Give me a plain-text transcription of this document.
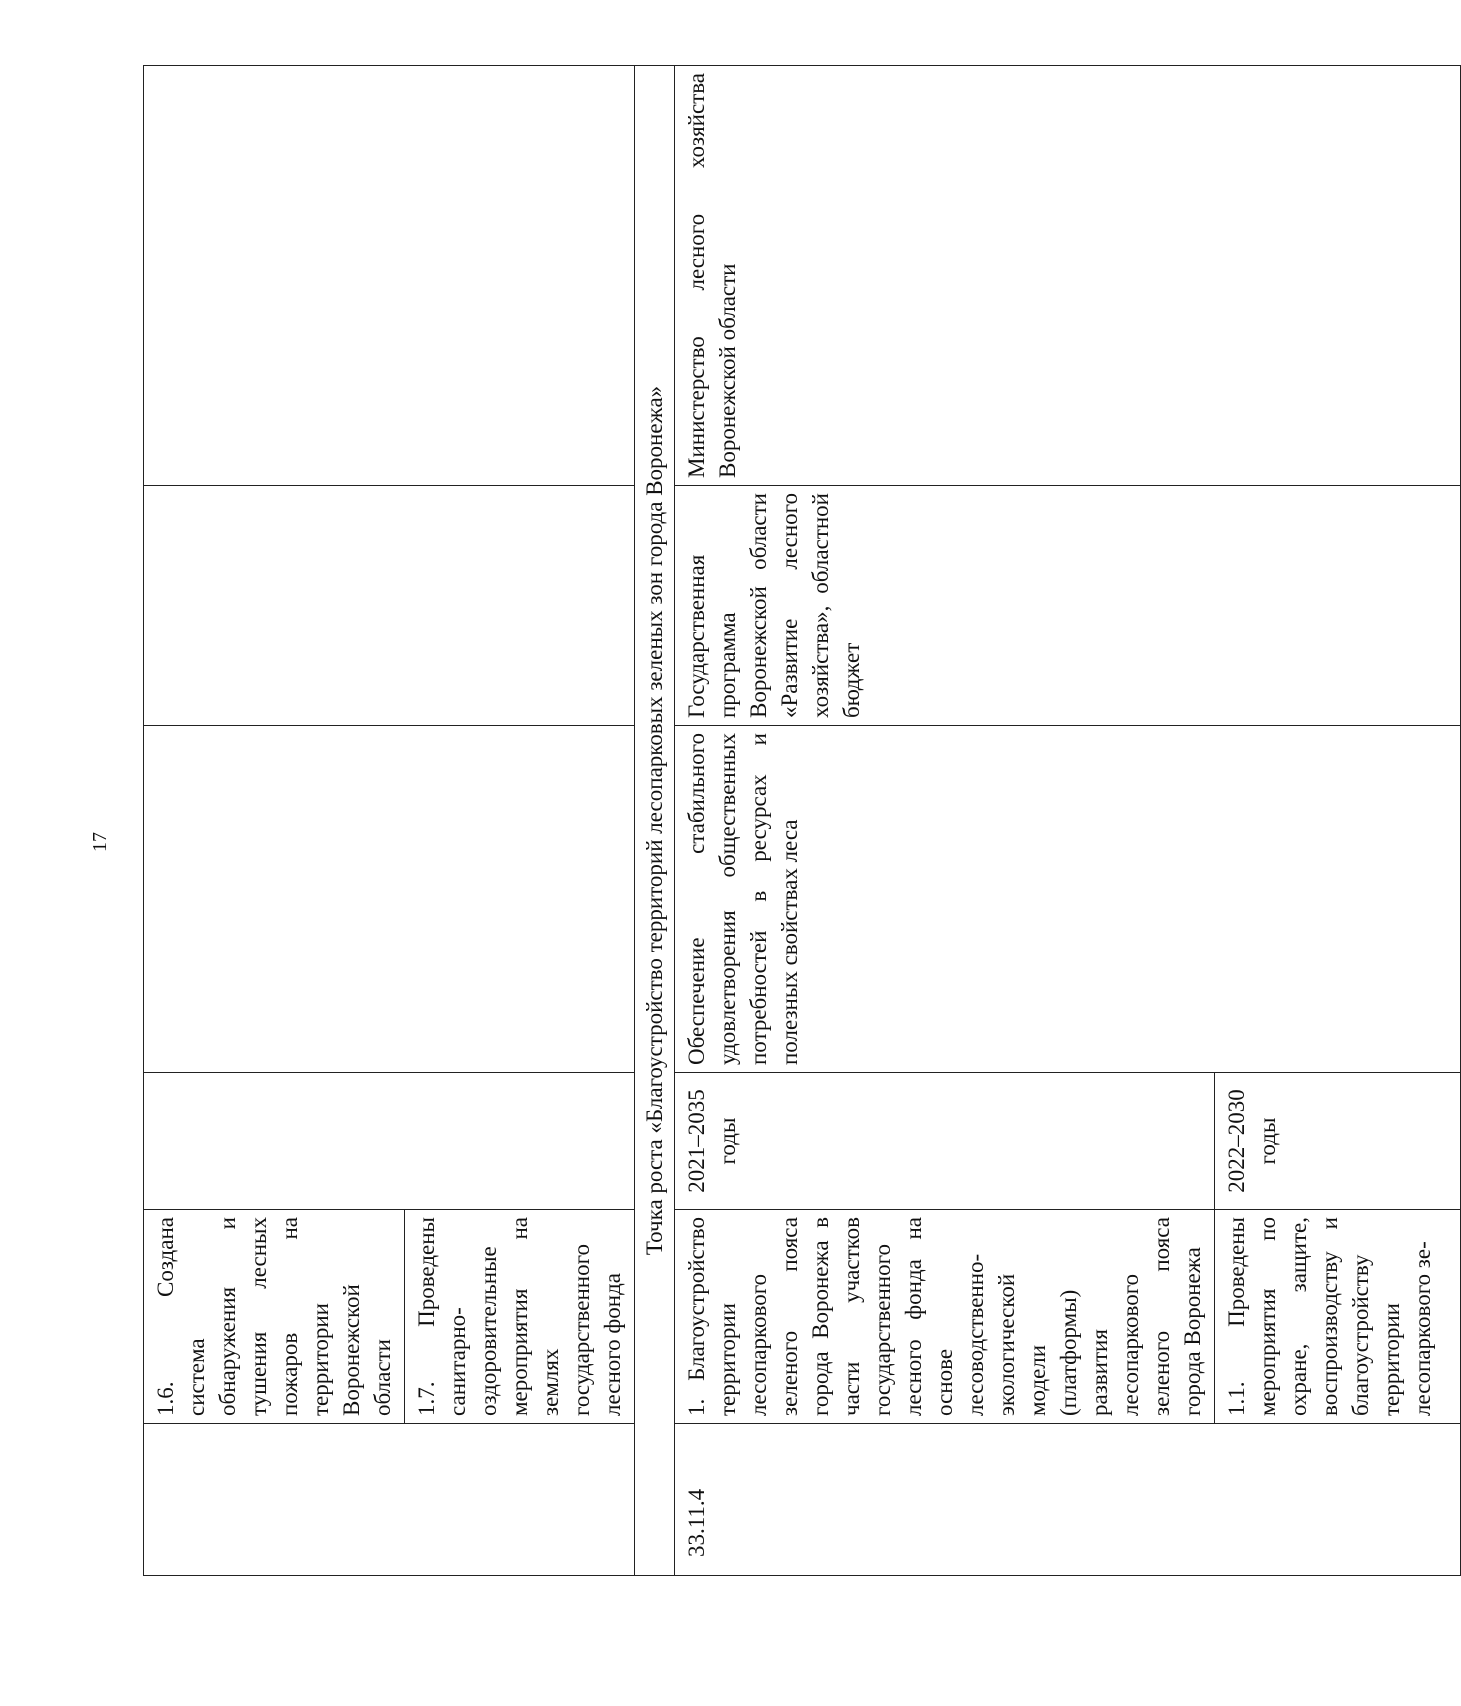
17
	1.6. Создана система обнаружения и тушения лесных пожаров на территории Воронежской области				
	1.7. Проведены санитарно-оздоровительные мероприятия на землях государственного лесного фонда				
Точка роста «Благоустройство территорий лесопарковых зеленых зон города Воронежа»					
33.11.4	1. Благоустройство территории лесопаркового зеленого пояса города Воронежа в части участков государственного лесного фонда на основе лесоводственно-экологической модели (платформы) развития лесопаркового зеленого пояса города Воронежа	2021–2035 годы	Обеспечение стабильного удовлетворения общественных потребностей в ресурсах и полезных свойствах леса	Государственная программа Воронежской области «Развитие лесного хозяйства», областной бюджет	Министерство лесного хозяйства Воронежской области
	1.1. Проведены мероприятия по охране, защите, воспроизводству и благоустройству территории лесопаркового зе-	2022–2030 годы			
